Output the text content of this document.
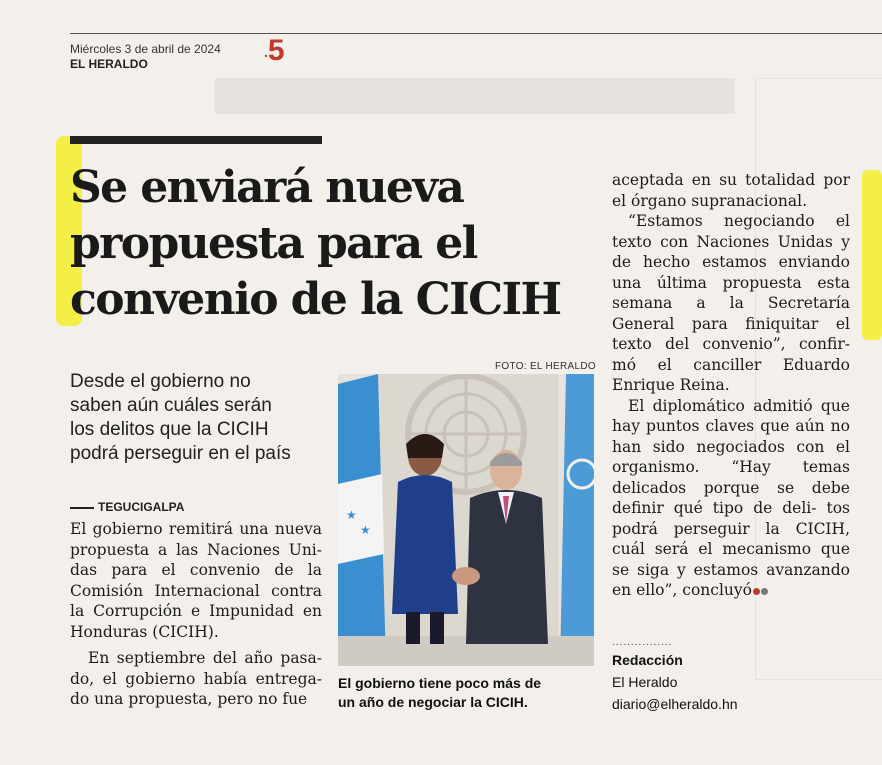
Miércoles 3 de abril de 2024
EL HERALDO
.5
Se enviará nueva
propuesta para el
convenio de la CICIH
Desde el gobierno no
saben aún cuáles serán
los delitos que la CICIH
podrá perseguir en el país
TEGUCIGALPA

El gobierno remitirá una nueva propuesta a las Naciones Uni- das para el convenio de la Comisión Internacional contra la Corrupción e Impunidad en Honduras (CICIH).

En septiembre del año pasa- do, el gobierno había entrega- do una propuesta, pero no fue

FOTO: EL HERALDO
★
★
El gobierno tiene poco más de
un año de negociar la CICIH.

aceptada en su totalidad por el órgano supranacional.

“Estamos negociando el texto con Naciones Unidas y de hecho estamos enviando una última propuesta esta semana a la Secretaría General para finiquitar el texto del convenio”, confir- mó el canciller Eduardo Enrique Reina.

El diplomático admitió que hay puntos claves que aún no han sido negociados con el organismo. “Hay temas delicados porque se debe definir qué tipo de deli- tos podrá perseguir la CICIH, cuál será el mecanismo que se siga y estamos avanzando en ello”, concluyó

................
Redacción
El Heraldo
diario@elheraldo.hn
